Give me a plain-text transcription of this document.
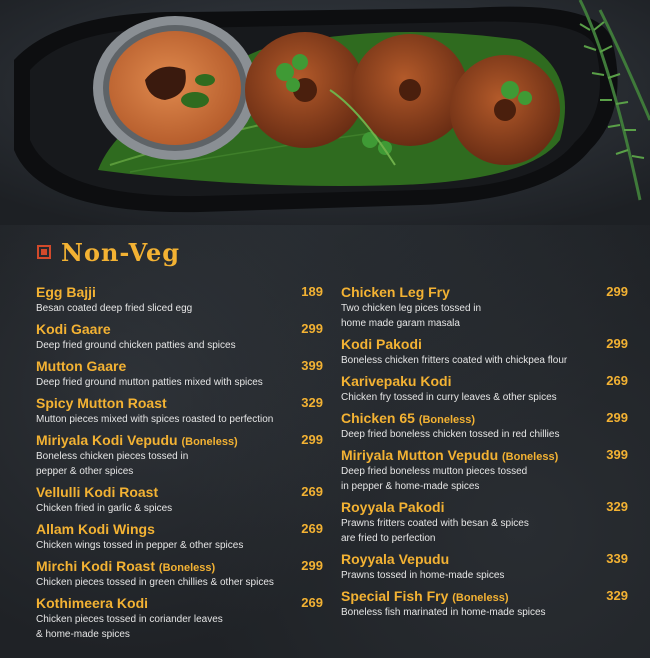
Non-Veg
Egg Bajji	189
Besan coated deep fried sliced egg
Kodi Gaare	299
Deep fried ground chicken patties and spices
Mutton Gaare	399
Deep fried ground mutton patties mixed with spices
Spicy Mutton Roast	329
Mutton pieces mixed with spices roasted to perfection
Miriyala Kodi Vepudu (Boneless)	299
Boneless chicken pieces tossed in
pepper & other spices
Vellulli Kodi Roast	269
Chicken fried in garlic & spices
Allam Kodi Wings	269
Chicken wings tossed in pepper & other spices
Mirchi Kodi Roast (Boneless)	299
Chicken pieces tossed in green chillies & other spices
Kothimeera Kodi	269
Chicken pieces tossed in coriander leaves
& home-made spices
Chicken Leg Fry	299
Two chicken leg pices tossed in
home made garam masala
Kodi Pakodi	299
Boneless chicken fritters coated with chickpea flour
Karivepaku Kodi	269
Chicken fry tossed in curry leaves & other spices
Chicken 65 (Boneless)	299
Deep fried boneless chicken tossed in red chillies
Miriyala Mutton Vepudu (Boneless)	399
Deep fried boneless mutton pieces tossed
in pepper & home-made spices
Royyala Pakodi	329
Prawns fritters coated with besan & spices
are fried to perfection
Royyala Vepudu	339
Prawns tossed in home-made spices
Special Fish Fry (Boneless)	329
Boneless fish marinated in home-made spices
